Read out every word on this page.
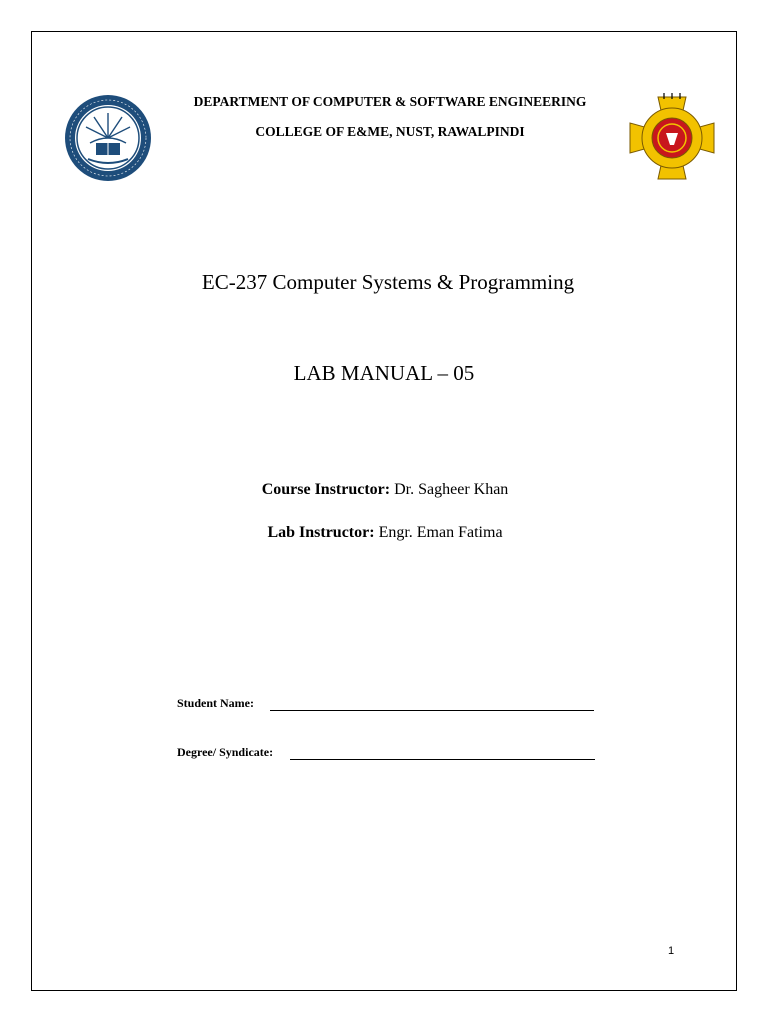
DEPARTMENT OF COMPUTER & SOFTWARE ENGINEERING
COLLEGE OF E&ME, NUST, RAWALPINDI
EC-237 Computer Systems & Programming
LAB MANUAL – 05
Course Instructor: Dr. Sagheer Khan
Lab Instructor: Engr. Eman Fatima
Student Name:
Degree/ Syndicate:
1
